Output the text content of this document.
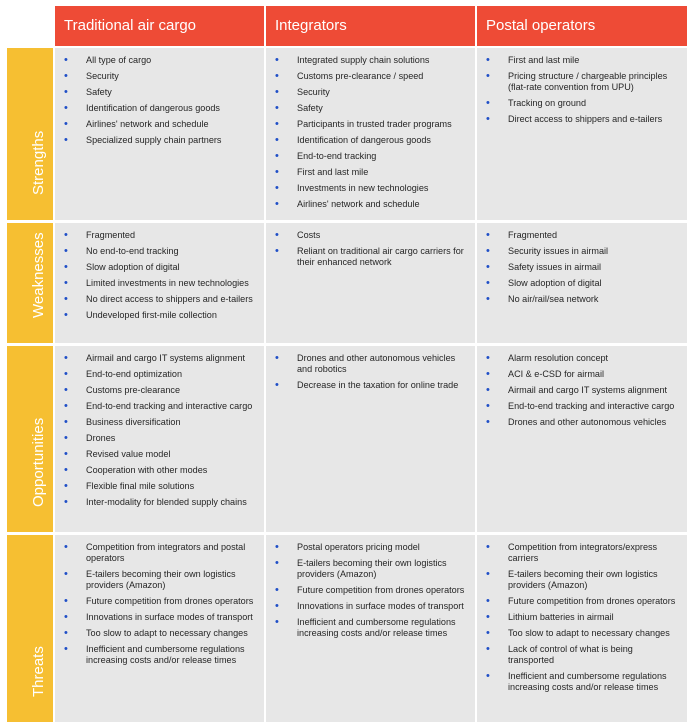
Traditional air cargo	Integrators	Postal operators
Strengths
• All type of cargo
• Security
• Safety
• Identification of dangerous goods
• Airlines' network and schedule
• Specialized supply chain partners
• Integrated supply chain solutions
• Customs pre-clearance / speed
• Security
• Safety
• Participants in trusted trader programs
• Identification of dangerous goods
• End-to-end tracking
• First and last mile
• Investments in new technologies
• Airlines' network and schedule
• First and last mile
• Pricing structure / chargeable principles (flat-rate convention from UPU)
• Tracking on ground
• Direct access to shippers and e-tailers
Weaknesses
•	Fragmented
• No end-to-end tracking
• Slow adoption of digital
• Limited investments in new technologies
• No direct access to shippers and e-tailers
• Undeveloped first-mile collection
• Costs
• Reliant on traditional air cargo carriers for their enhanced network
• Fragmented
• Security issues in airmail
• Safety issues in airmail
• Slow adoption of digital
• No air/rail/sea network
Opportunities
• Airmail and cargo IT systems alignment
• End-to-end optimization
• Customs pre-clearance
• End-to-end tracking and interactive cargo
• Business diversification
• Drones
• Revised value model
• Cooperation with other modes
• Flexible final mile solutions
• Inter-modality for blended supply chains
• Drones and other autonomous vehicles and robotics
• Decrease in the taxation for online trade
• Alarm resolution concept
• ACI & e-CSD for airmail
• Airmail and cargo IT systems alignment
• End-to-end tracking and interactive cargo
• Drones and other autonomous vehicles
Threats
• Competition from integrators and postal operators
• E-tailers becoming their own logistics providers (Amazon)
• Future competition from drones operators
• Innovations in surface modes of transport
• Too slow to adapt to necessary changes
• Inefficient and cumbersome regulations increasing costs and/or release times
• Postal operators pricing model
• E-tailers becoming their own logistics providers (Amazon)
• Future competition from drones operators
• Innovations in surface modes of transport
• Inefficient and cumbersome regulations increasing costs and/or release times
• Competition from integrators/express carriers
• E-tailers becoming their own logistics providers (Amazon)
• Future competition from drones operators
• Lithium batteries in airmail
• Too slow to adapt to necessary changes
• Lack of control of what is being transported
• Inefficient and cumbersome regulations increasing costs and/or release times
